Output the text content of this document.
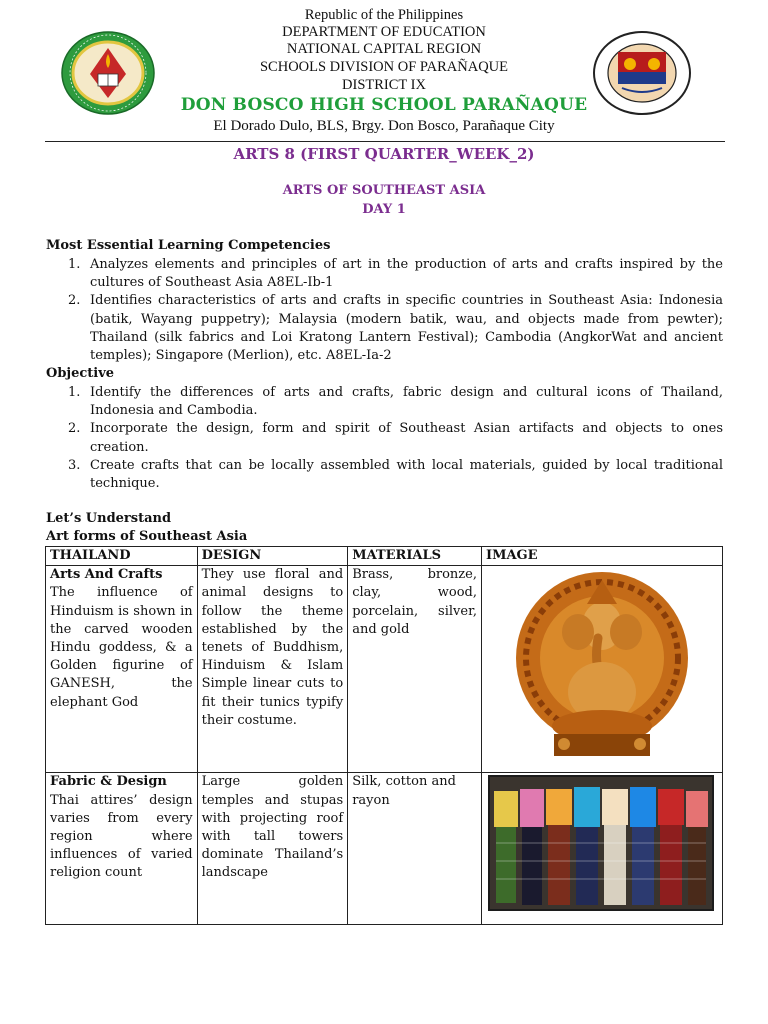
Republic of the Philippines
DEPARTMENT OF EDUCATION
NATIONAL CAPITAL REGION
SCHOOLS DIVISION OF PARAÑAQUE
DISTRICT IX
DON BOSCO HIGH SCHOOL PARAÑAQUE
El Dorado Dulo, BLS, Brgy. Don Bosco, Parañaque City
ARTS 8 (FIRST QUARTER_WEEK_2)
ARTS OF SOUTHEAST ASIA
DAY 1
Most Essential Learning Competencies
1. Analyzes elements and principles of art in the production of arts and crafts inspired by the cultures of Southeast Asia A8EL-Ib-1
2. Identifies characteristics of arts and crafts in specific countries in Southeast Asia: Indonesia (batik, Wayang puppetry); Malaysia (modern batik, wau, and objects made from pewter); Thailand (silk fabrics and Loi Kratong Lantern Festival); Cambodia (AngkorWat and ancient temples); Singapore (Merlion), etc. A8EL-Ia-2
Objective
1. Identify the differences of arts and crafts, fabric design and cultural icons of Thailand, Indonesia and Cambodia.
2. Incorporate the design, form and spirit of Southeast Asian artifacts and objects to ones creation.
3. Create crafts that can be locally assembled with local materials, guided by local traditional technique.
Let’s Understand
Art forms of Southeast Asia
THAILAND	DESIGN	MATERIALS	IMAGE

Arts And Crafts
The influence of Hinduism is shown in the carved wooden Hindu goddess, & a Golden figurine of GANESH, the elephant God	They use floral and animal designs to follow the theme established by the tenets of Buddhism, Hinduism & Islam Simple linear cuts to fit their tunics typify their costume.	Brass, bronze, clay, wood, porcelain, silver, and gold	

Fabric & Design
Thai attires’ design varies from every region where influences of varied religion count	Large golden temples and stupas with projecting roof with tall towers dominate Thailand’s landscape	Silk, cotton and rayon	
